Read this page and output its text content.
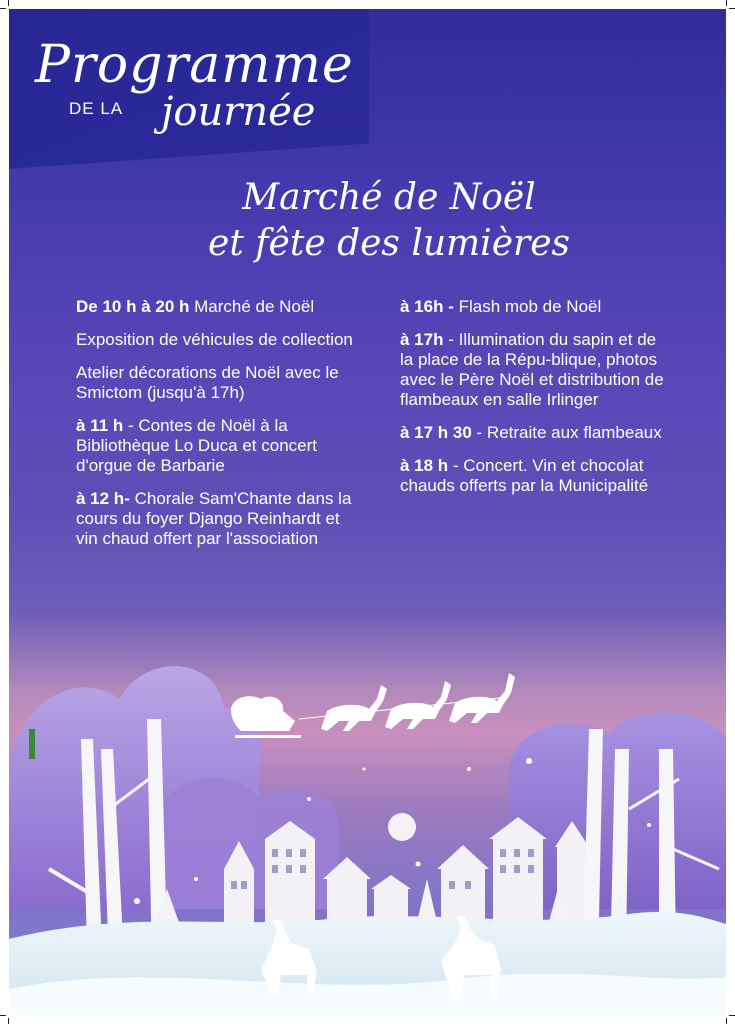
Programme
DE LA journée
Marché de Noël
et fête des lumières
De 10 h à 20 h Marché de Noël
Exposition de véhicules de collection
Atelier décorations de Noël avec le Smictom (jusqu'à 17h)
à 11 h - Contes de Noël à la Bibliothèque Lo Duca et concert d'orgue de Barbarie
à 12 h- Chorale Sam'Chante dans la cours du foyer Django Reinhardt et vin chaud offert par l'association
à 16h - Flash mob de Noël
à 17h - Illumination du sapin et de la place de la Répu-blique, photos avec le Père Noël et distribution de flambeaux en salle Irlinger
à 17 h 30 - Retraite aux flambeaux
à 18 h - Concert. Vin et chocolat chauds offerts par la Municipalité
